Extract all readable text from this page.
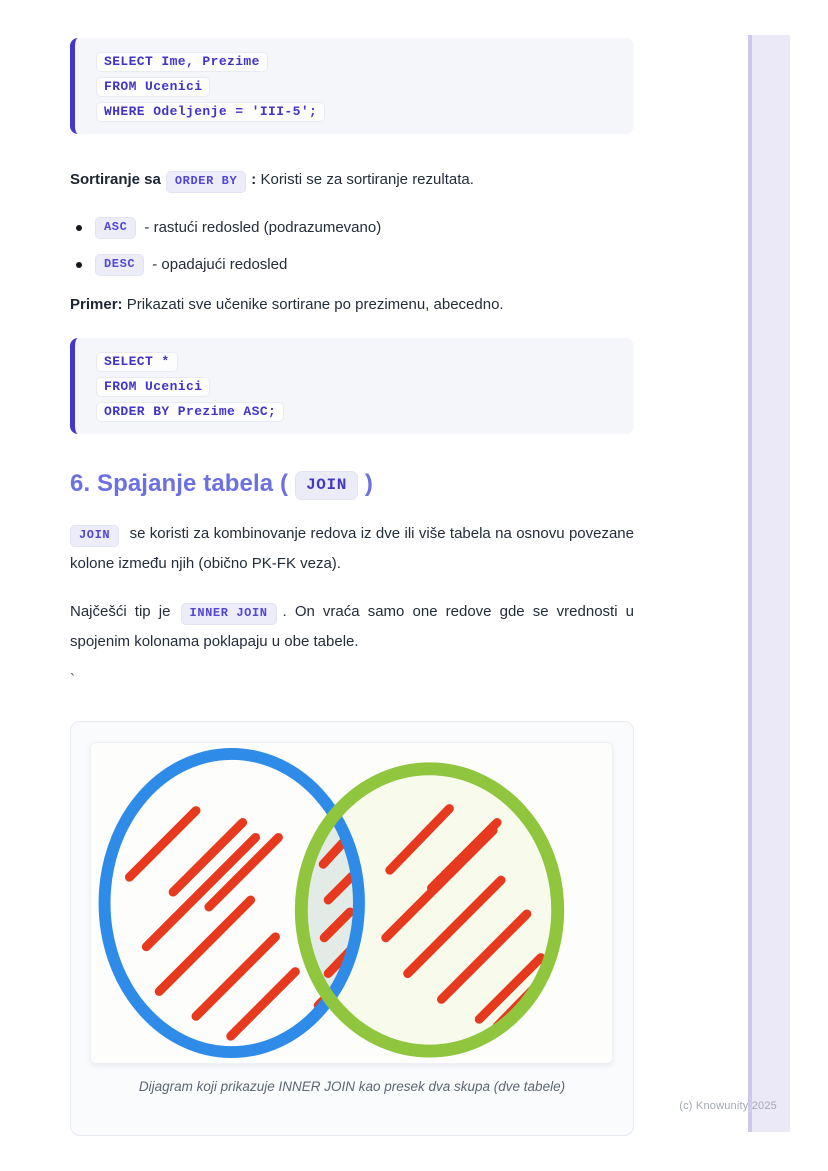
SELECT Ime, Prezime
FROM Ucenici
WHERE Odeljenje = 'III-5';

Sortiranje sa ORDER BY : Koristi se za sortiranje rezultata.

ASC	- rastući redosled (podrazumevano)
DESC	- opadajući redosled

Primer: Prikazati sve učenike sortirane po prezimenu, abecedno.

SELECT *
FROM Ucenici
ORDER BY Prezime ASC;
6. Spajanje tabela ( JOIN )

JOIN se koristi za kombinovanje redova iz dve ili više tabela na osnovu povezane kolone između njih (obično PK-FK veza).

Najčešći tip je INNER JOIN . On vraća samo one redove gde se vrednosti u spojenim kolonama poklapaju u obe tabele.

`

Dijagram koji prikazuje INNER JOIN kao presek dva skupa (dve tabele)
(c) Knowunity 2025
